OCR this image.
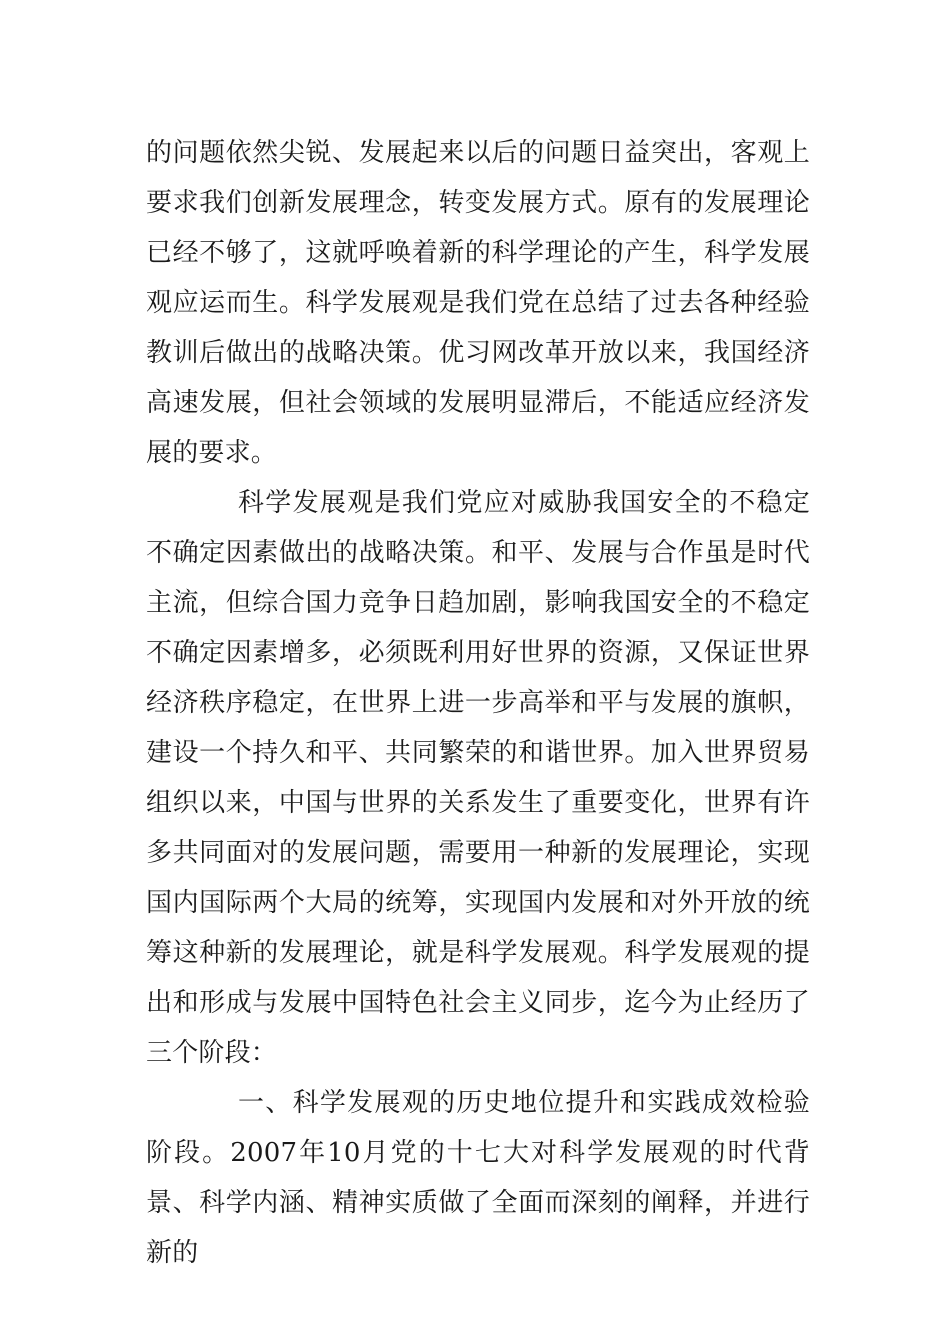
的问题依然尖锐、发展起来以后的问题日益突出，客观上要求我们创新发展理念，转变发展方式。原有的发展理论已经不够了，这就呼唤着新的科学理论的产生，科学发展观应运而生。科学发展观是我们党在总结了过去各种经验教训后做出的战略决策。优习网改革开放以来，我国经济高速发展，但社会领域的发展明显滞后，不能适应经济发展的要求。

科学发展观是我们党应对威胁我国安全的不稳定不确定因素做出的战略决策。和平、发展与合作虽是时代主流，但综合国力竞争日趋加剧，影响我国安全的不稳定不确定因素增多，必须既利用好世界的资源，又保证世界经济秩序稳定，在世界上进一步高举和平与发展的旗帜，建设一个持久和平、共同繁荣的和谐世界。加入世界贸易组织以来，中国与世界的关系发生了重要变化，世界有许多共同面对的发展问题，需要用一种新的发展理论，实现国内国际两个大局的统筹，实现国内发展和对外开放的统筹这种新的发展理论，就是科学发展观。科学发展观的提出和形成与发展中国特色社会主义同步，迄今为止经历了三个阶段：

一、科学发展观的历史地位提升和实践成效检验阶段。2007年10月党的十七大对科学发展观的时代背景、科学内涵、精神实质做了全面而深刻的阐释，并进行新的
